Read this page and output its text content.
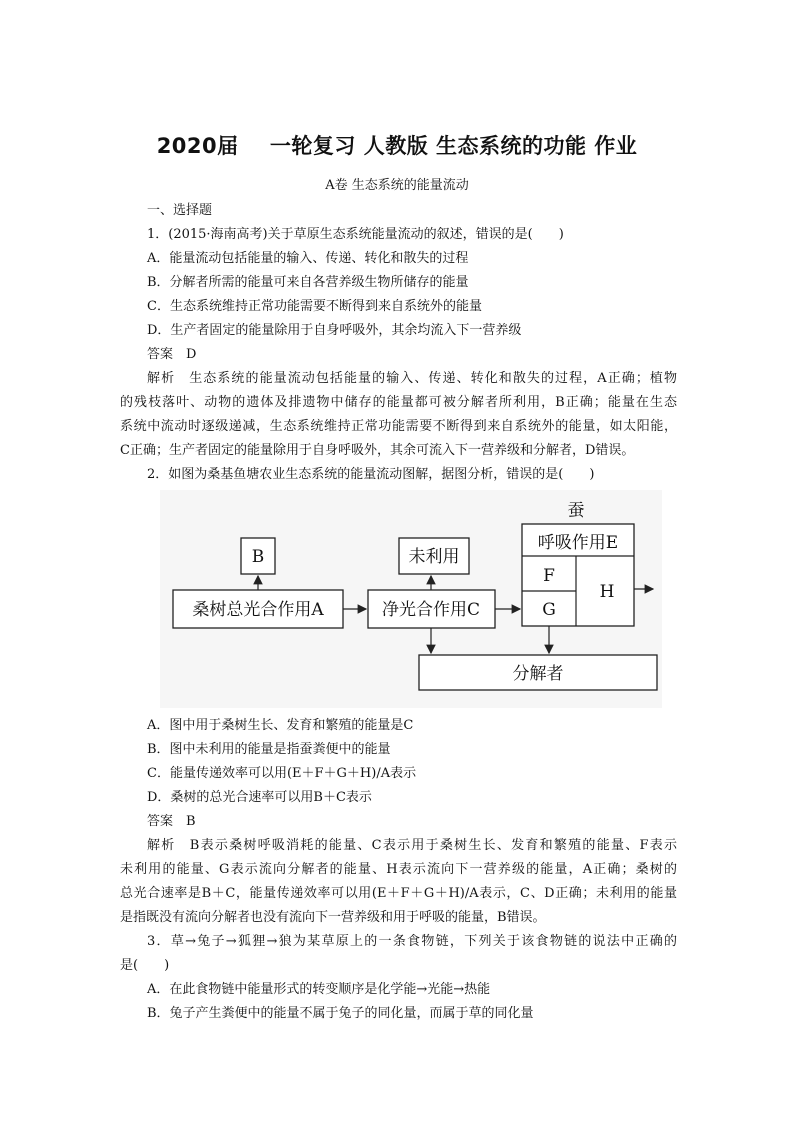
2020届    一轮复习 人教版 生态系统的功能 作业
A卷 生态系统的能量流动
一、选择题
1．(2015·海南高考)关于草原生态系统能量流动的叙述，错误的是(　　)
A．能量流动包括能量的输入、传递、转化和散失的过程
B．分解者所需的能量可来自各营养级生物所储存的能量
C．生态系统维持正常功能需要不断得到来自系统外的能量
D．生产者固定的能量除用于自身呼吸外，其余均流入下一营养级
答案　D
解析　生态系统的能量流动包括能量的输入、传递、转化和散失的过程，A正确；植物
的残枝落叶、动物的遗体及排遗物中储存的能量都可被分解者所利用，B正确；能量在生态
系统中流动时逐级递减，生态系统维持正常功能需要不断得到来自系统外的能量，如太阳能，
C正确；生产者固定的能量除用于自身呼吸外，其余可流入下一营养级和分解者，D错误。
2．如图为桑基鱼塘农业生态系统的能量流动图解，据图分析，错误的是(　　)
蚕
呼吸作用E
F
G
H
B	未利用
桑树总光合作用A	净光合作用C
分解者
A．图中用于桑树生长、发育和繁殖的能量是C
B．图中未利用的能量是指蚕粪便中的能量
C．能量传递效率可以用(E＋F＋G＋H)/A表示
D．桑树的总光合速率可以用B＋C表示
答案　B
解析　B表示桑树呼吸消耗的能量、C表示用于桑树生长、发育和繁殖的能量、F表示
未利用的能量、G表示流向分解者的能量、H表示流向下一营养级的能量，A正确；桑树的
总光合速率是B＋C，能量传递效率可以用(E＋F＋G＋H)/A表示，C、D正确；未利用的能量
是指既没有流向分解者也没有流向下一营养级和用于呼吸的能量，B错误。
3．草→兔子→狐狸→狼为某草原上的一条食物链，下列关于该食物链的说法中正确的
是(　　)
A．在此食物链中能量形式的转变顺序是化学能→光能→热能
B．兔子产生粪便中的能量不属于兔子的同化量，而属于草的同化量
